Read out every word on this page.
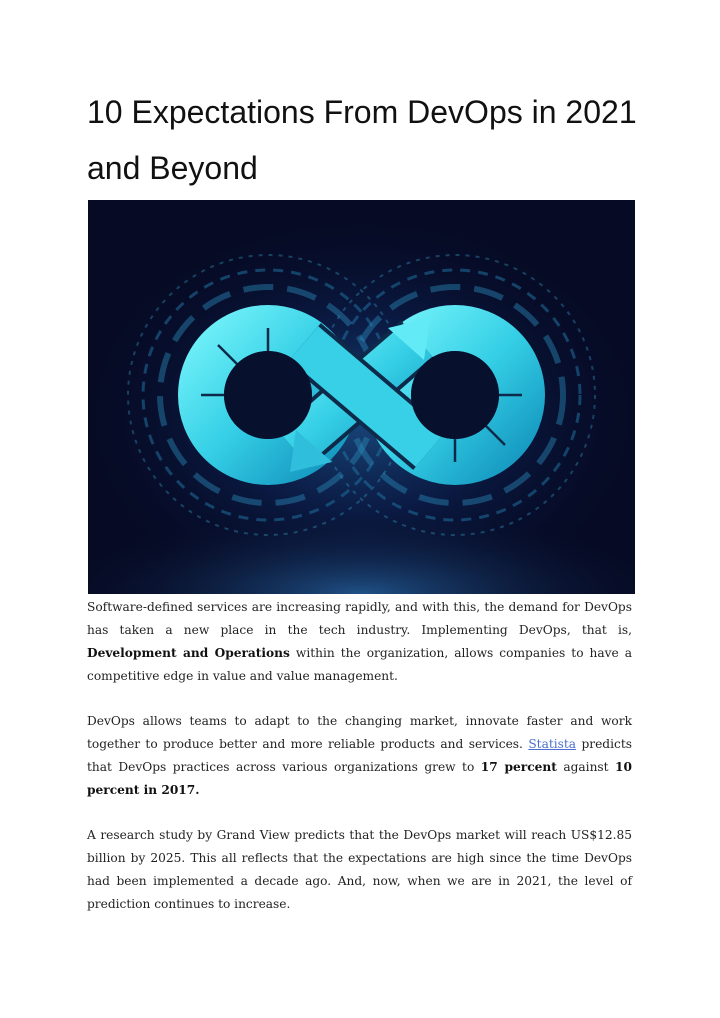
10 Expectations From DevOps in 2021
and Beyond

Software-defined services are increasing rapidly, and with this, the demand for DevOps has taken a new place in the tech industry. Implementing DevOps, that is, Development and Operations within the organization, allows companies to have a competitive edge in value and value management.

DevOps allows teams to adapt to the changing market, innovate faster and work together to produce better and more reliable products and services. Statista predicts that DevOps practices across various organizations grew to 17 percent against 10 percent in 2017.

A research study by Grand View predicts that the DevOps market will reach US$12.85 billion by 2025. This all reflects that the expectations are high since the time DevOps had been implemented a decade ago. And, now, when we are in 2021, the level of prediction continues to increase.
